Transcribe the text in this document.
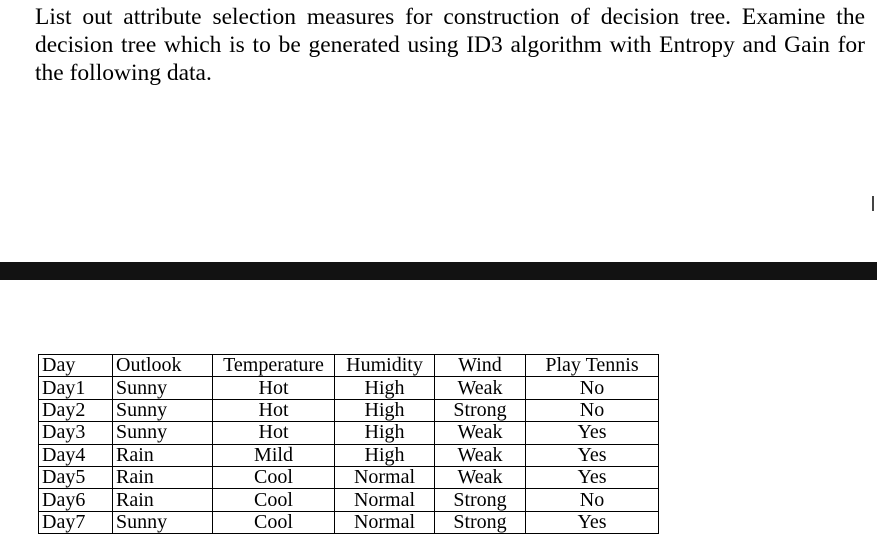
List out attribute selection measures for construction of decision tree. Examine the decision tree which is to be generated using ID3 algorithm with Entropy and Gain for the following data.

Day	Outlook	Temperature	Humidity	Wind	Play Tennis
Day1	Sunny	Hot	High	Weak	No
Day2	Sunny	Hot	High	Strong	No
Day3	Sunny	Hot	High	Weak	Yes
Day4	Rain	Mild	High	Weak	Yes
Day5	Rain	Cool	Normal	Weak	Yes
Day6	Rain	Cool	Normal	Strong	No
Day7	Sunny	Cool	Normal	Strong	Yes
